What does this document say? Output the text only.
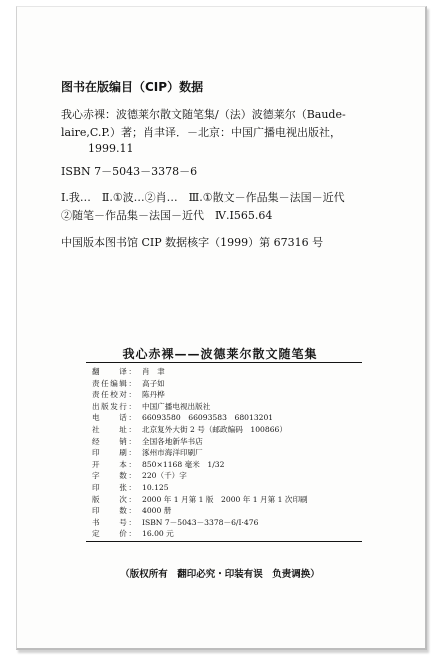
图书在版编目（CIP）数据
我心赤裸：波德莱尔散文随笔集/（法）波德莱尔（Baude-
laire,C.P.）著；肖聿译．－北京：中国广播电视出版社，
1999.11
ISBN 7－5043－3378－6
Ⅰ.我…　Ⅱ.①波…②肖…　Ⅲ.①散文－作品集－法国－近代
②随笔－作品集－法国－近代　Ⅳ.I565.64
中国版本图书馆 CIP 数据核字（1999）第 67316 号
我心赤裸——波德莱尔散文随笔集
翻　　译： 肖　聿
责任编辑： 高子如
责任校对： 陈丹桦
出版发行： 中国广播电视出版社
电　　话： 66093580　66093583　68013201
社　　址： 北京复外大街 2 号（邮政编码　100866）
经　　销： 全国各地新华书店
印　　刷： 涿州市海洋印刷厂
开　　本： 850×1168 毫米　1/32
字　　数： 220（千）字
印　　张： 10.125
版　　次： 2000 年 1 月第 1 版　2000 年 1 月第 1 次印刷
印　　数： 4000 册
书　　号： ISBN 7－5043－3378－6/I·476
定　　价： 16.00 元
（版权所有　翻印必究・印装有误　负责调换）
